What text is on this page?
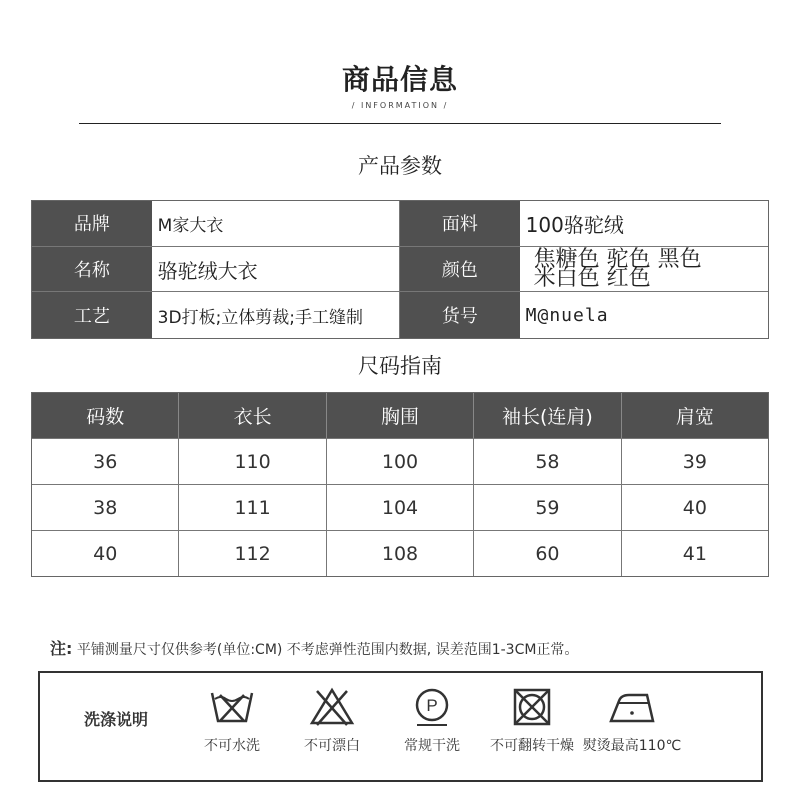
商品信息
/ INFORMATION /
产品参数
品牌	M家大衣	面料	100骆驼绒
名称	骆驼绒大衣	颜色	焦糖色 驼色 黑色
米白色 红色
工艺	3D打板;立体剪裁;手工缝制	货号	M@nuela
尺码指南
码数	衣长	胸围	袖长(连肩)	肩宽
36	110	100	58	39
38	111	104	59	40
40	112	108	60	41
注: 平铺测量尺寸仅供参考(单位:CM) 不考虑弹性范围内数据, 误差范围1-3CM正常。
洗涤说明
不可水洗	不可漂白
P
常规干洗	不可翻转干燥 熨烫最高110℃
